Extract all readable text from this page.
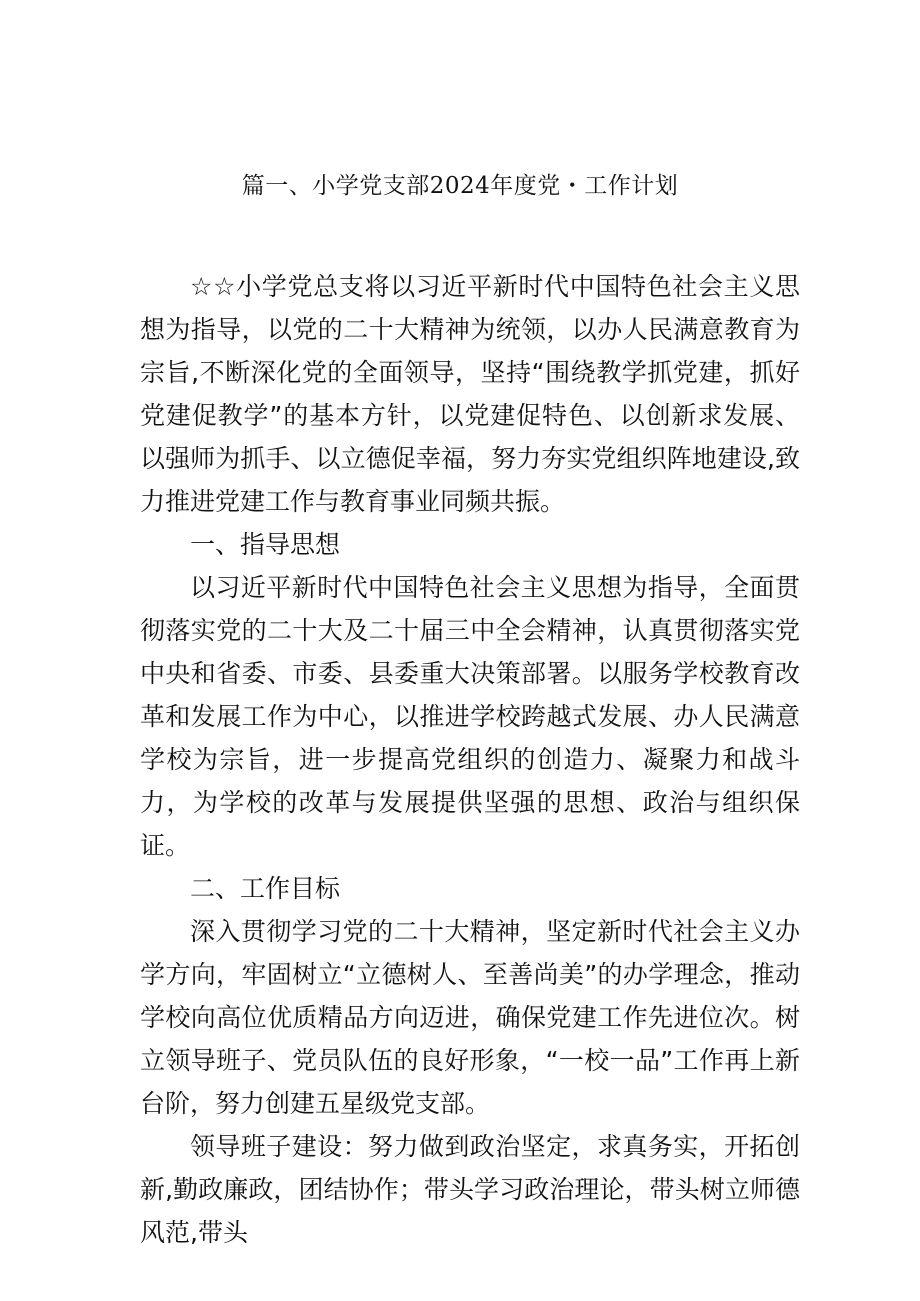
篇一、小学党支部2024年度党・工作计划

☆☆小学党总支将以习近平新时代中国特色社会主义思想为指导，以党的二十大精神为统领，以办人民满意教育为宗旨,不断深化党的全面领导，坚持“围绕教学抓党建，抓好党建促教学”的基本方针，以党建促特色、以创新求发展、以强师为抓手、以立德促幸福，努力夯实党组织阵地建设,致力推进党建工作与教育事业同频共振。

一、指导思想

以习近平新时代中国特色社会主义思想为指导，全面贯彻落实党的二十大及二十届三中全会精神，认真贯彻落实党中央和省委、市委、县委重大决策部署。以服务学校教育改革和发展工作为中心，以推进学校跨越式发展、办人民满意学校为宗旨，进一步提高党组织的创造力、凝聚力和战斗力，为学校的改革与发展提供坚强的思想、政治与组织保证。

二、工作目标

深入贯彻学习党的二十大精神，坚定新时代社会主义办学方向，牢固树立“立德树人、至善尚美”的办学理念，推动学校向高位优质精品方向迈进，确保党建工作先进位次。树立领导班子、党员队伍的良好形象，“一校一品”工作再上新台阶，努力创建五星级党支部。

领导班子建设：努力做到政治坚定，求真务实，开拓创新,勤政廉政，团结协作；带头学习政治理论，带头树立师德风范,带头
